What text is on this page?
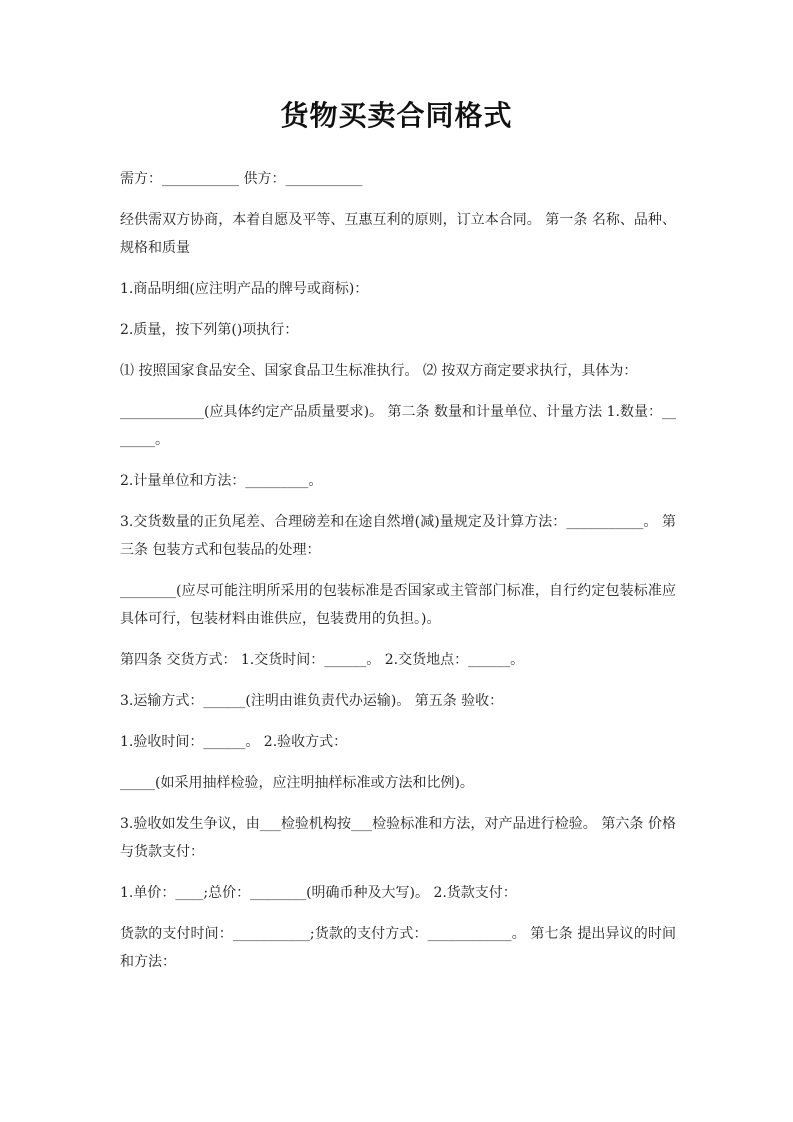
货物买卖合同格式

需方：___________ 供方：___________

经供需双方协商，本着自愿及平等、互惠互利的原则，订立本合同。 第一条 名称、品种、规格和质量

1.商品明细(应注明产品的牌号或商标)：

2.质量，按下列第()项执行：

⑴ 按照国家食品安全、国家食品卫生标准执行。 ⑵ 按双方商定要求执行，具体为：

____________(应具体约定产品质量要求)。 第二条 数量和计量单位、计量方法 1.数量：_______。

2.计量单位和方法：_________。

3.交货数量的正负尾差、合理磅差和在途自然增(减)量规定及计算方法：___________。 第三条 包装方式和包装品的处理：

________(应尽可能注明所采用的包装标准是否国家或主管部门标准，自行约定包装标准应具体可行，包装材料由谁供应，包装费用的负担。)。

第四条 交货方式： 1.交货时间：______。 2.交货地点：______。

3.运输方式：______(注明由谁负责代办运输)。 第五条 验收：

1.验收时间：______。 2.验收方式：

_____(如采用抽样检验，应注明抽样标准或方法和比例)。

3.验收如发生争议，由___检验机构按___检验标准和方法，对产品进行检验。 第六条 价格与货款支付：

1.单价：____;总价：________(明确币种及大写)。 2.货款支付：

货款的支付时间：___________;货款的支付方式：____________。 第七条 提出异议的时间和方法：
